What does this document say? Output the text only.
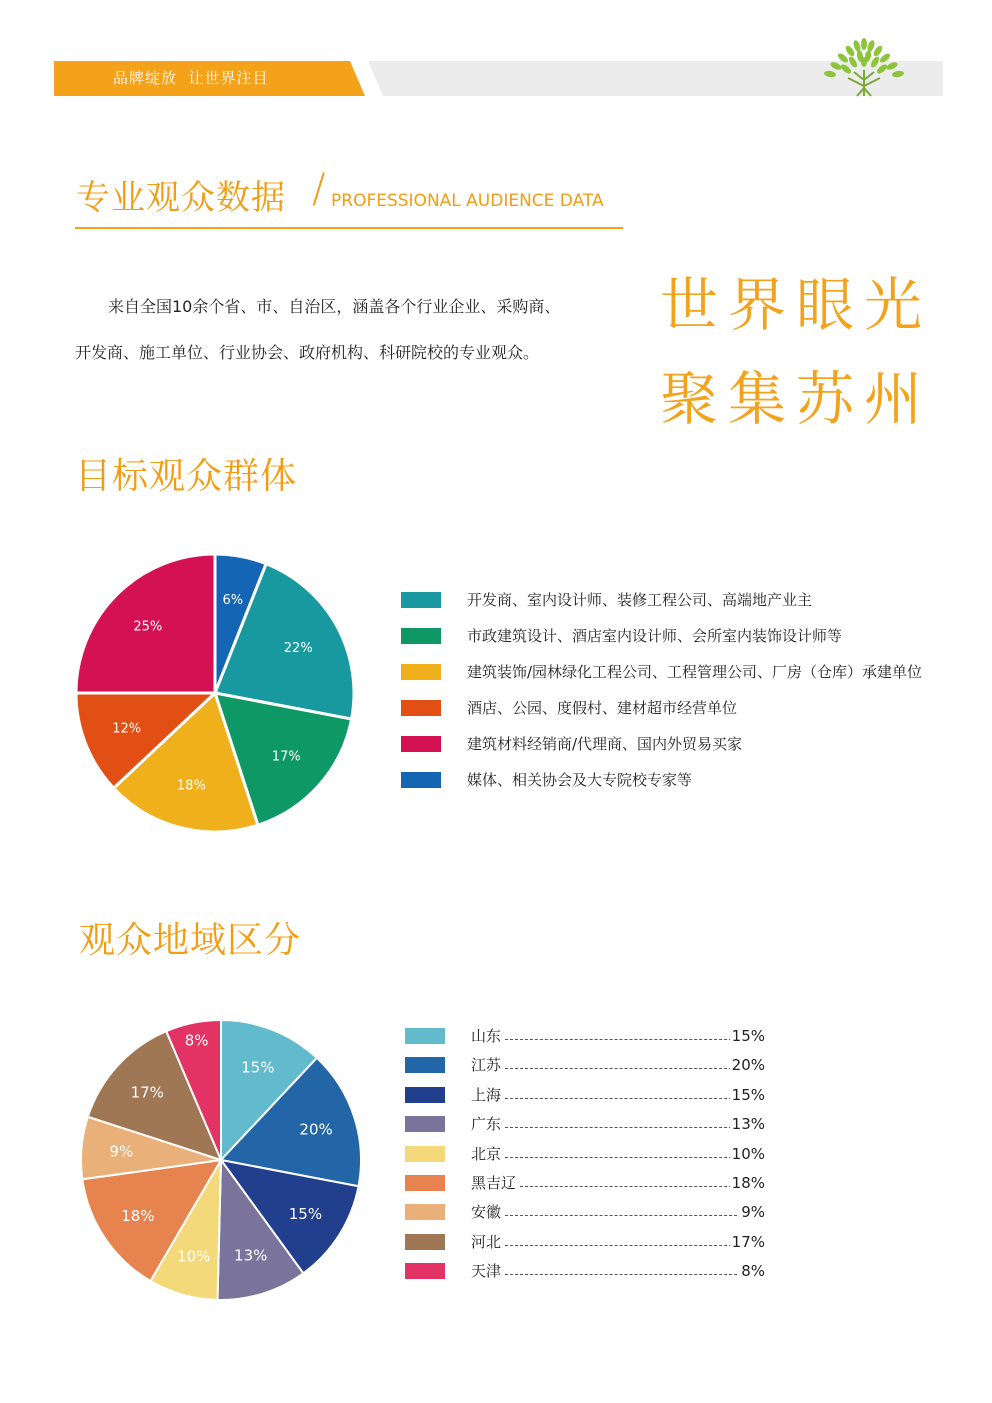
品牌绽放  让世界注目
专业观众数据 / PROFESSIONAL AUDIENCE DATA
来自全国10余个省、市、自治区，涵盖各个行业企业、采购商、
开发商、施工单位、行业协会、政府机构、科研院校的专业观众。
世界眼光
聚集苏州
目标观众群体
6%
22%
17%
18%
12%
25%
开发商、室内设计师、装修工程公司、高端地产业主
市政建筑设计、酒店室内设计师、会所室内装饰设计师等
建筑装饰/园林绿化工程公司、工程管理公司、厂房（仓库）承建单位
酒店、公园、度假村、建材超市经营单位
建筑材料经销商/代理商、国内外贸易买家
媒体、相关协会及大专院校专家等
观众地域区分
15%
20%
15%
13%
10%
18%
9%
17%
8%	山东	15%
江苏	20%
上海	15%
广东	13%
北京	10%
黑吉辽	18%
安徽	9%
河北	17%
天津	8%
